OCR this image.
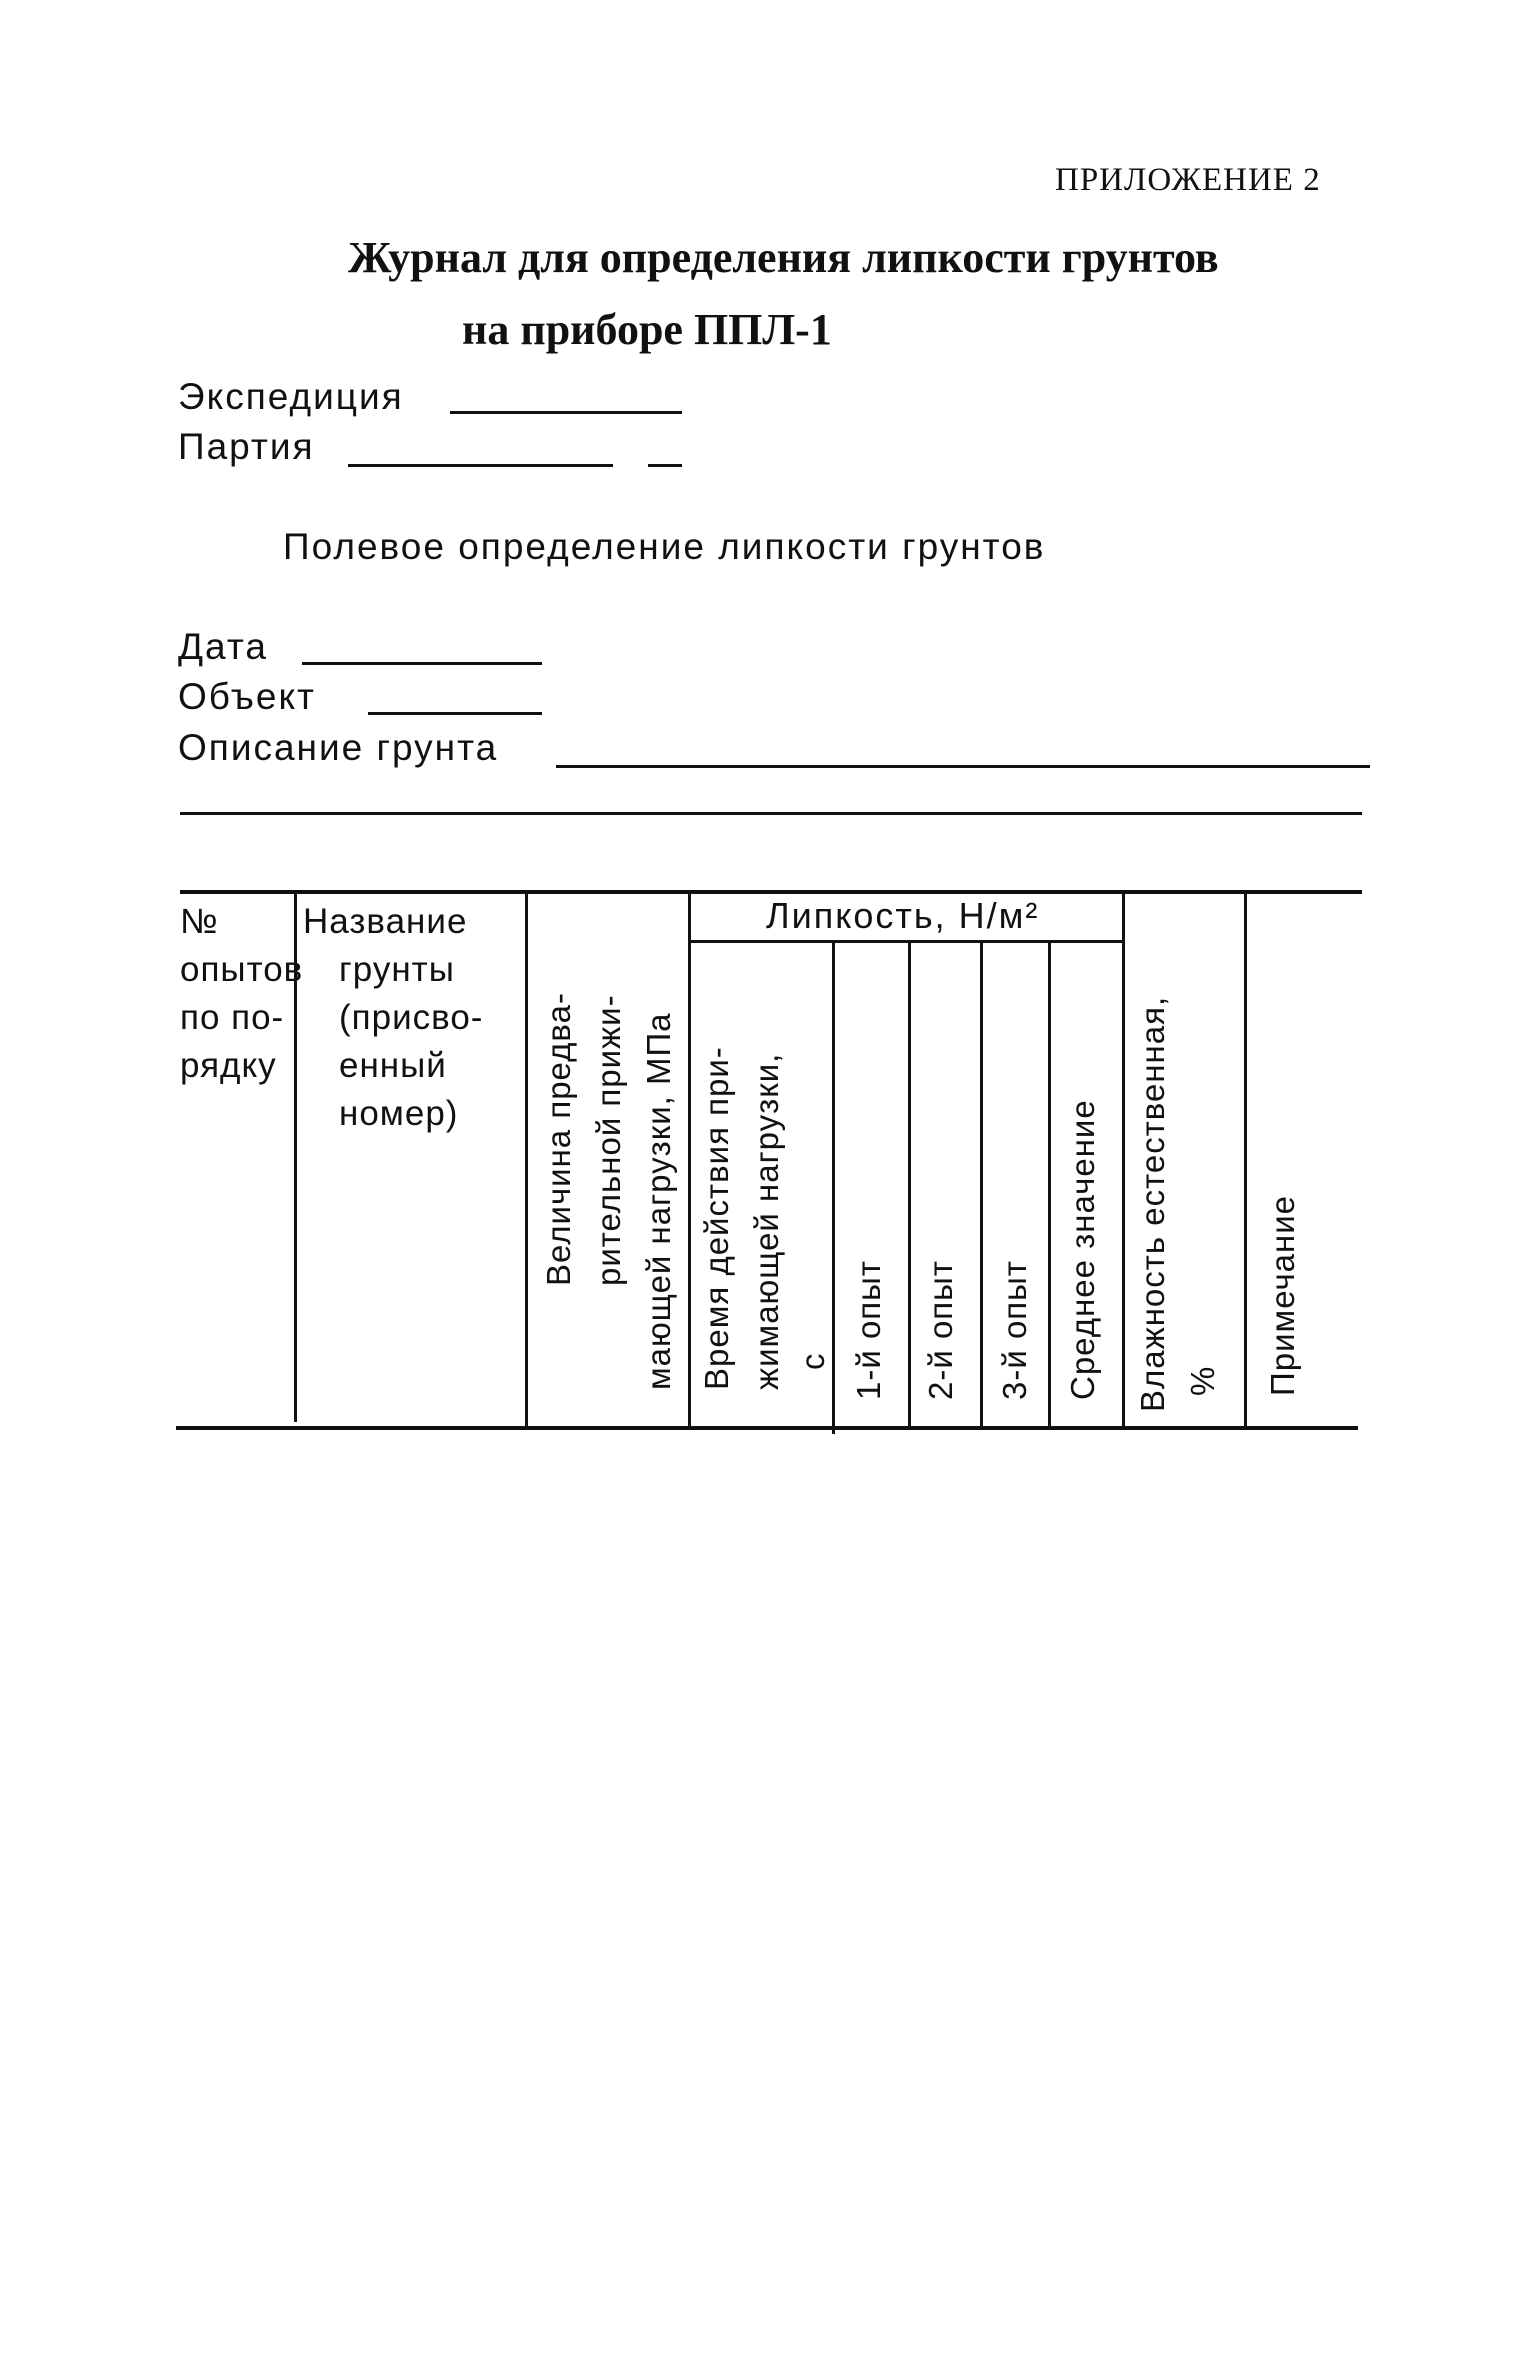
ПРИЛОЖЕНИЕ 2
Журнал для определения липкости грунтов
на приборе ППЛ-1
Экспедиция
Партия
Полевое определение липкости грунтов
Дата
Объект
Описание грунта
№
опытов
по по-
рядку
Название
грунты
(присво-
енный
номер)	Величина предва- рительной прижи- мающей нагрузки, МПа Время действия при- жимающей нагрузки, с
Липкость, Н/м²
1-й опыт 2-й опыт 3-й опыт Среднее значение Влажность естественная, % Примечание
